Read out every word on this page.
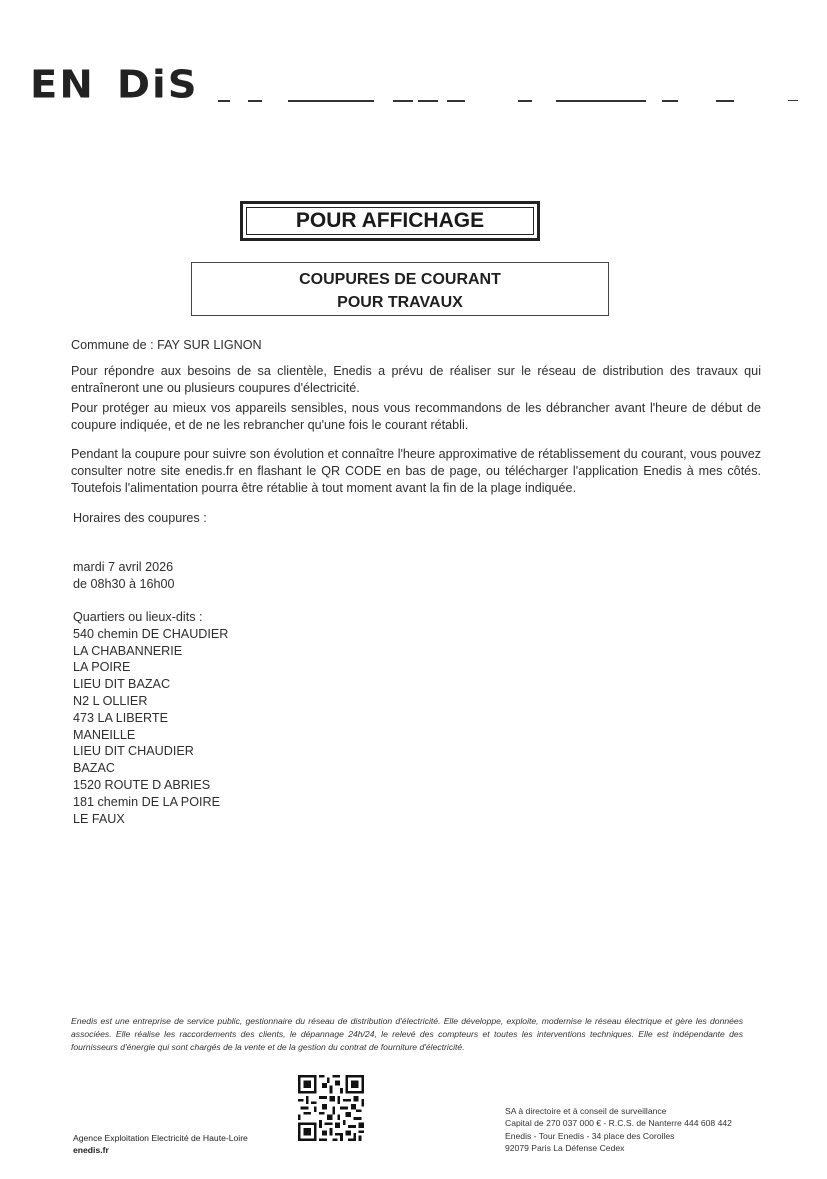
EN DiS
POUR AFFICHAGE
COUPURES DE COURANT
POUR TRAVAUX
Commune de : FAY SUR LIGNON
Pour répondre aux besoins de sa clientèle, Enedis a prévu de réaliser sur le réseau de distribution des travaux qui entraîneront une ou plusieurs coupures d'électricité.
Pour protéger au mieux vos appareils sensibles, nous vous recommandons de les débrancher avant l'heure de début de coupure indiquée, et de ne les rebrancher qu'une fois le courant rétabli.
Pendant la coupure pour suivre son évolution et connaître l'heure approximative de rétablissement du courant, vous pouvez consulter notre site enedis.fr en flashant le QR CODE en bas de page, ou télécharger l'application Enedis à mes côtés. Toutefois l'alimentation pourra être rétablie à tout moment avant la fin de la plage indiquée.
Horaires des coupures :
mardi 7 avril 2026
de 08h30 à 16h00
Quartiers ou lieux-dits :
540 chemin DE CHAUDIER
LA CHABANNERIE
LA POIRE
LIEU DIT BAZAC
N2 L OLLIER
473 LA LIBERTE
MANEILLE
LIEU DIT CHAUDIER
BAZAC
1520 ROUTE D ABRIES
181 chemin DE LA POIRE
LE FAUX
Enedis est une entreprise de service public, gestionnaire du réseau de distribution d'électricité. Elle développe, exploite, modernise le réseau électrique et gère les données associées. Elle réalise les raccordements des clients, le dépannage 24h/24, le relevé des compteurs et toutes les interventions techniques. Elle est indépendante des fournisseurs d'énergie qui sont chargés de la vente et de la gestion du contrat de fourniture d'électricité.
Agence Exploitation Electricité de Haute-Loire
enedis.fr
SA à directoire et à conseil de surveillance
Capital de 270 037 000 € - R.C.S. de Nanterre 444 608 442
Enedis - Tour Enedis - 34 place des Corolles
92079 Paris La Défense Cedex
